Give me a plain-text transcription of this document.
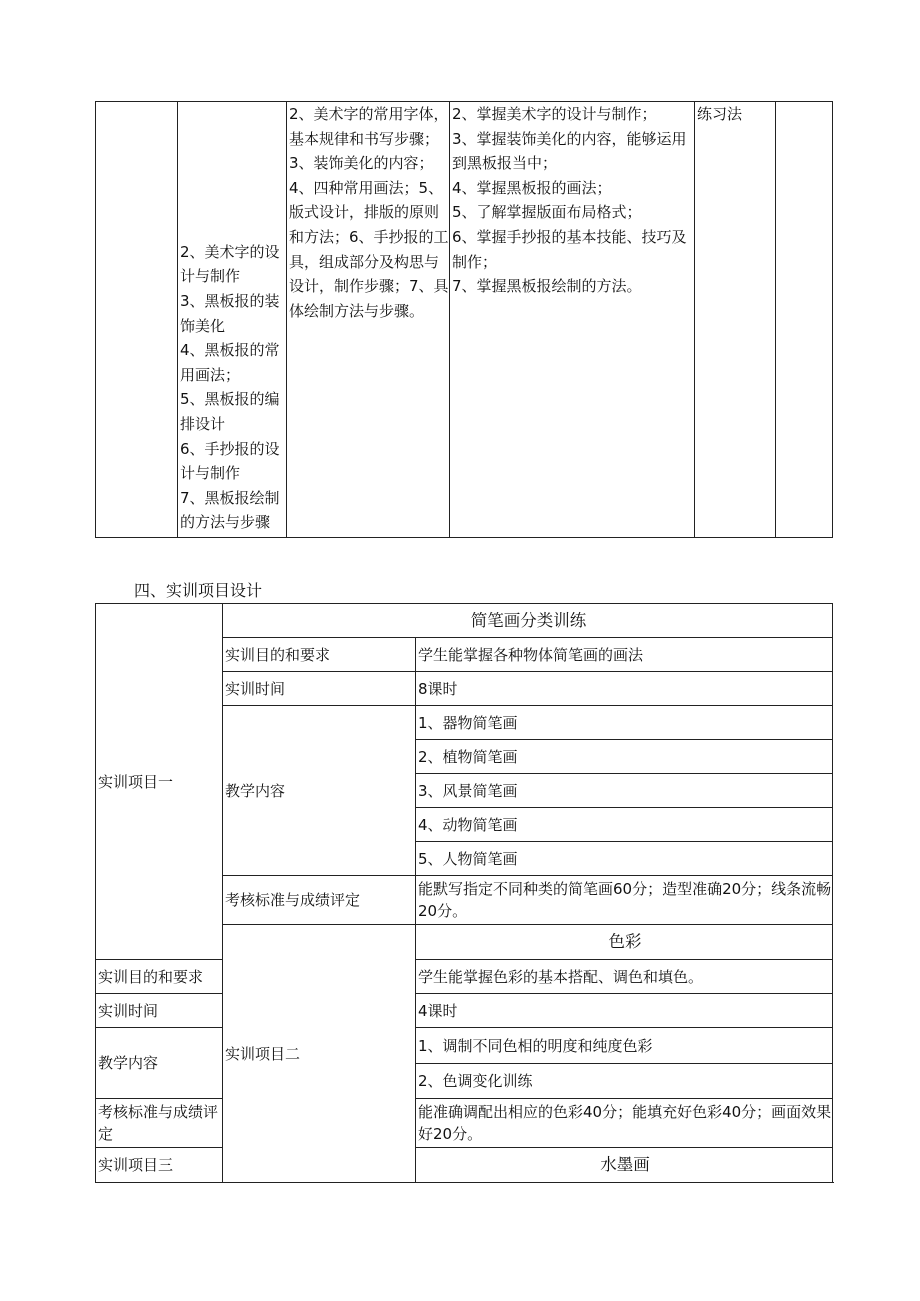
	2、美术字的设计与制作
3、黑板报的装饰美化
4、黑板报的常用画法；
5、黑板报的编排设计
6、手抄报的设计与制作
7、黑板报绘制的方法与步骤	2、美术字的常用字体，基本规律和书写步骤；3、装饰美化的内容；4、四种常用画法；5、版式设计，排版的原则和方法；6、手抄报的工具，组成部分及构思与设计，制作步骤；7、具体绘制方法与步骤。	2、掌握美术字的设计与制作；
3、掌握装饰美化的内容，能够运用到黑板报当中；
4、掌握黑板报的画法；
5、了解掌握版面布局格式；
6、掌握手抄报的基本技能、技巧及制作；
7、掌握黑板报绘制的方法。	练习法	
四、实训项目设计
实训项目一	简笔画分类训练	
	实训目的和要求	学生能掌握各种物体简笔画的画法
	实训时间	8课时
	教学内容	1、器物简笔画
		2、植物简笔画
		3、风景简笔画
		4、动物简笔画
		5、人物简笔画
	考核标准与成绩评定	能默写指定不同种类的简笔画60分；造型准确20分；线条流畅20分。
	实训项目二	色彩
实训目的和要求		学生能掌握色彩的基本搭配、调色和填色。
实训时间		4课时
教学内容		1、调制不同色相的明度和纯度色彩
		2、色调变化训练
考核标准与成绩评定		能准确调配出相应的色彩40分；能填充好色彩40分；画面效果好20分。
实训项目三		水墨画
